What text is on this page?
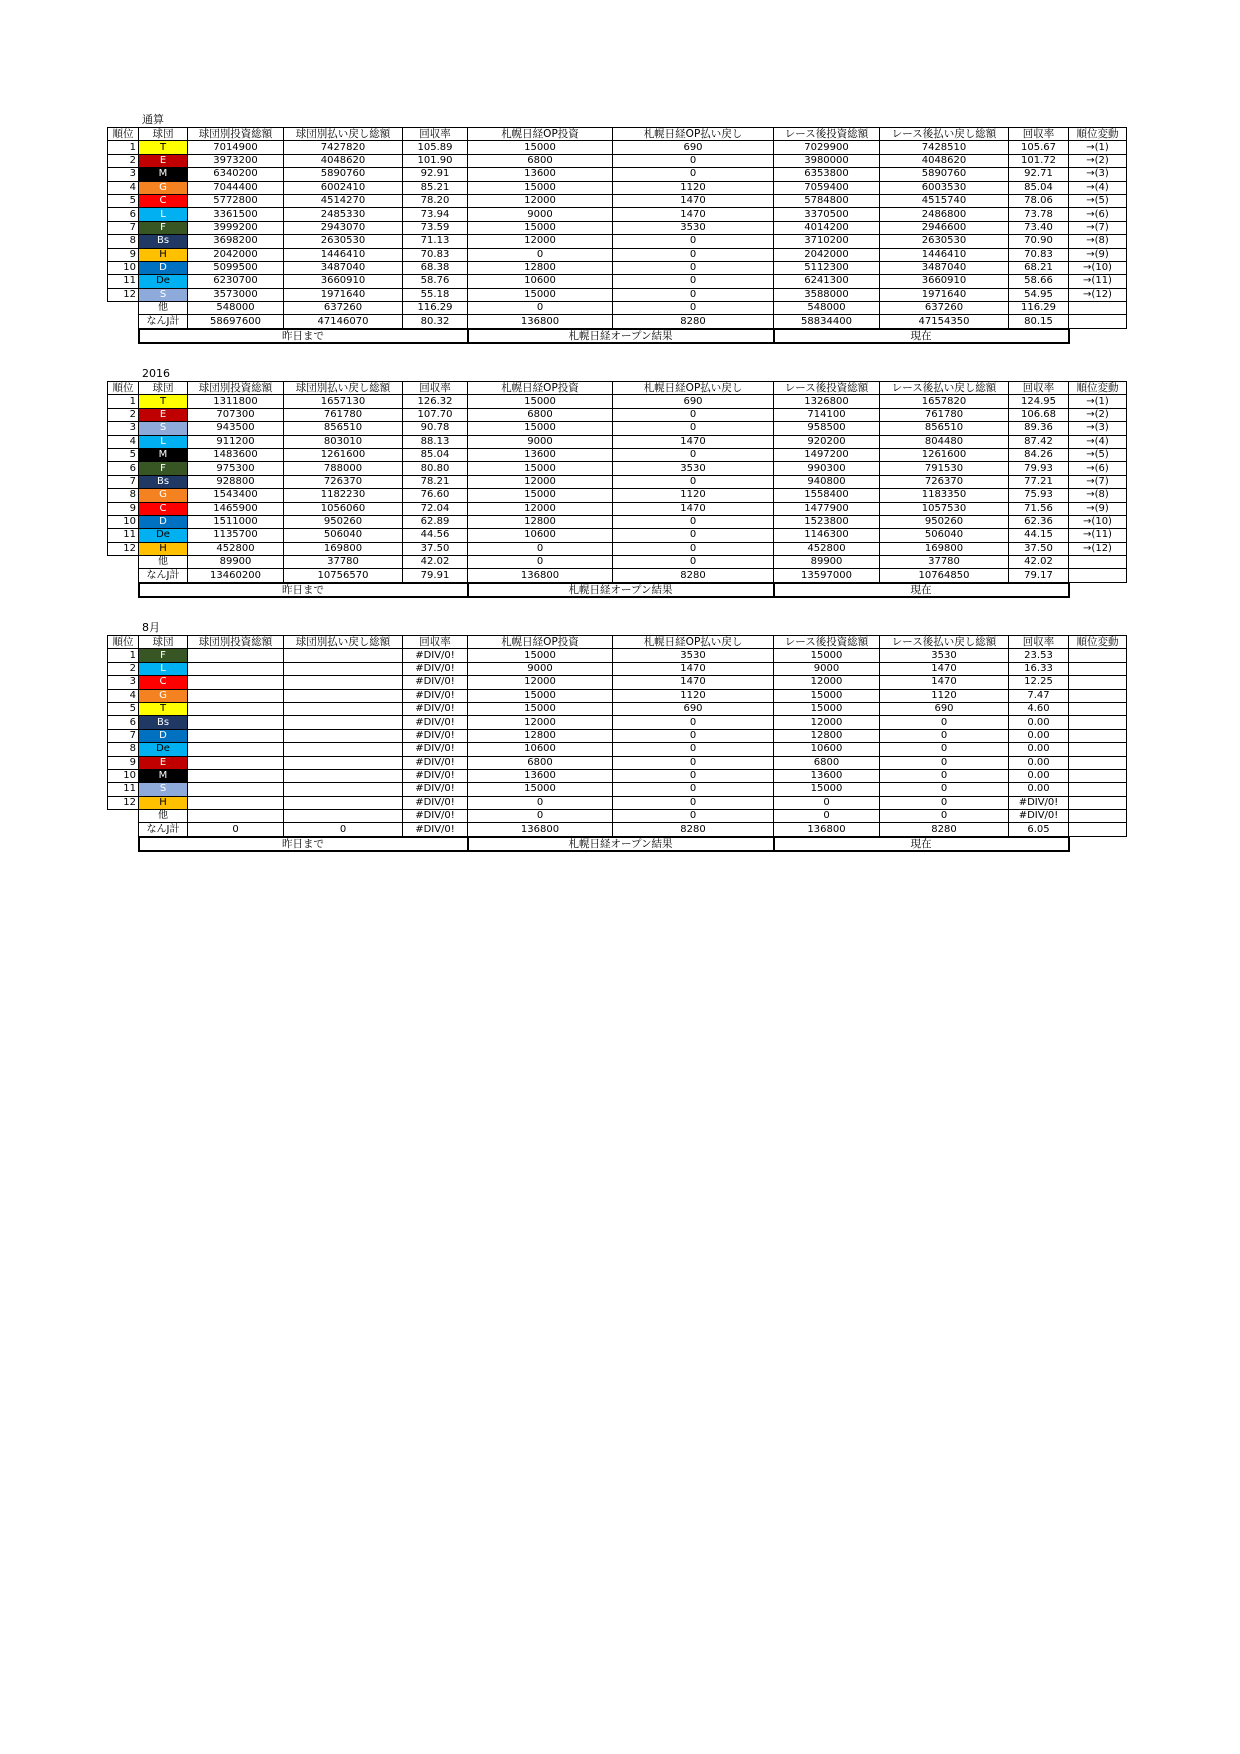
通算
順位	球団	球団別投資総額	球団別払い戻し総額	回収率	札幌日経OP投資	札幌日経OP払い戻し	レース後投資総額	レース後払い戻し総額	回収率	順位変動
1	T	7014900	7427820	105.89	15000	690	7029900	7428510	105.67	→(1)
2	E	3973200	4048620	101.90	6800	0	3980000	4048620	101.72	→(2)
3	M	6340200	5890760	92.91	13600	0	6353800	5890760	92.71	→(3)
4	G	7044400	6002410	85.21	15000	1120	7059400	6003530	85.04	→(4)
5	C	5772800	4514270	78.20	12000	1470	5784800	4515740	78.06	→(5)
6	L	3361500	2485330	73.94	9000	1470	3370500	2486800	73.78	→(6)
7	F	3999200	2943070	73.59	15000	3530	4014200	2946600	73.40	→(7)
8	Bs	3698200	2630530	71.13	12000	0	3710200	2630530	70.90	→(8)
9	H	2042000	1446410	70.83	0	0	2042000	1446410	70.83	→(9)
10	D	5099500	3487040	68.38	12800	0	5112300	3487040	68.21	→(10)
11	De	6230700	3660910	58.76	10600	0	6241300	3660910	58.66	→(11)
12	S	3573000	1971640	55.18	15000	0	3588000	1971640	54.95	→(12)
	他	548000	637260	116.29	0	0	548000	637260	116.29	
	なんJ計	58697600	47146070	80.32	136800	8280	58834400	47154350	80.15	
	昨日まで				札幌日経オープン結果		現在			
2016
順位	球団	球団別投資総額	球団別払い戻し総額	回収率	札幌日経OP投資	札幌日経OP払い戻し	レース後投資総額	レース後払い戻し総額	回収率	順位変動
1	T	1311800	1657130	126.32	15000	690	1326800	1657820	124.95	→(1)
2	E	707300	761780	107.70	6800	0	714100	761780	106.68	→(2)
3	S	943500	856510	90.78	15000	0	958500	856510	89.36	→(3)
4	L	911200	803010	88.13	9000	1470	920200	804480	87.42	→(4)
5	M	1483600	1261600	85.04	13600	0	1497200	1261600	84.26	→(5)
6	F	975300	788000	80.80	15000	3530	990300	791530	79.93	→(6)
7	Bs	928800	726370	78.21	12000	0	940800	726370	77.21	→(7)
8	G	1543400	1182230	76.60	15000	1120	1558400	1183350	75.93	→(8)
9	C	1465900	1056060	72.04	12000	1470	1477900	1057530	71.56	→(9)
10	D	1511000	950260	62.89	12800	0	1523800	950260	62.36	→(10)
11	De	1135700	506040	44.56	10600	0	1146300	506040	44.15	→(11)
12	H	452800	169800	37.50	0	0	452800	169800	37.50	→(12)
	他	89900	37780	42.02	0	0	89900	37780	42.02	
	なんJ計	13460200	10756570	79.91	136800	8280	13597000	10764850	79.17	
	昨日まで				札幌日経オープン結果		現在			
8月
順位	球団	球団別投資総額	球団別払い戻し総額	回収率	札幌日経OP投資	札幌日経OP払い戻し	レース後投資総額	レース後払い戻し総額	回収率	順位変動
1	F			#DIV/0!	15000	3530	15000	3530	23.53	
2	L			#DIV/0!	9000	1470	9000	1470	16.33	
3	C			#DIV/0!	12000	1470	12000	1470	12.25	
4	G			#DIV/0!	15000	1120	15000	1120	7.47	
5	T			#DIV/0!	15000	690	15000	690	4.60	
6	Bs			#DIV/0!	12000	0	12000	0	0.00	
7	D			#DIV/0!	12800	0	12800	0	0.00	
8	De			#DIV/0!	10600	0	10600	0	0.00	
9	E			#DIV/0!	6800	0	6800	0	0.00	
10	M			#DIV/0!	13600	0	13600	0	0.00	
11	S			#DIV/0!	15000	0	15000	0	0.00	
12	H			#DIV/0!	0	0	0	0	#DIV/0!	
	他			#DIV/0!	0	0	0	0	#DIV/0!	
	なんJ計	0	0	#DIV/0!	136800	8280	136800	8280	6.05	
	昨日まで				札幌日経オープン結果		現在			
